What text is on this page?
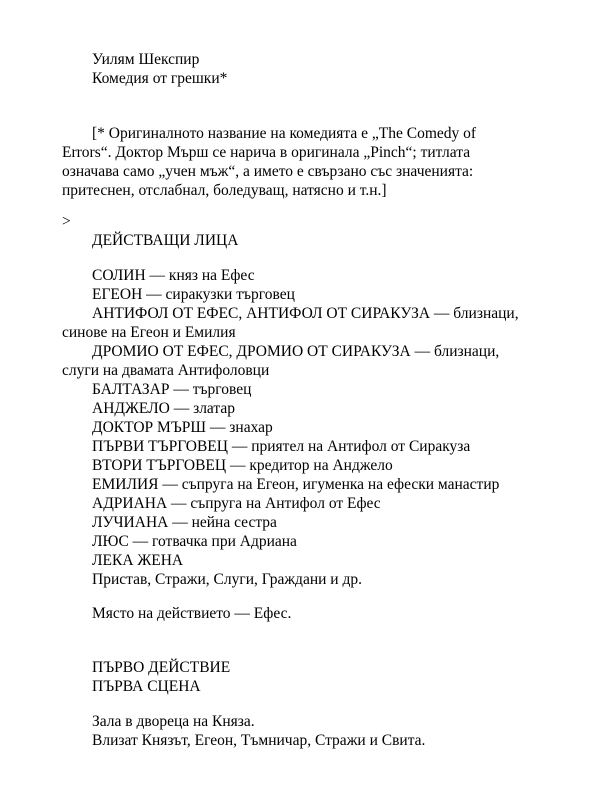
Уилям Шекспир

Комедия от грешки*

[* Оригиналното название на комедията е „The Comedy of

Errors“. Доктор Мърш се нарича в оригинала „Pinch“; титлата

означава само „учен мъж“, а името е свързано със значенията:

притеснен, отслабнал, боледуващ, натясно и т.н.]

>

ДЕЙСТВАЩИ ЛИЦА

СОЛИН — княз на Ефес

ЕГЕОН — сиракузки търговец

АНТИФОЛ ОТ ЕФЕС, АНТИФОЛ ОТ СИРАКУЗА — близнаци,

синове на Егеон и Емилия

ДРОМИО ОТ ЕФЕС, ДРОМИО ОТ СИРАКУЗА — близнаци,

слуги на двамата Антифоловци

БАЛТАЗАР — търговец

АНДЖЕЛО — златар

ДОКТОР МЪРШ — знахар

ПЪРВИ ТЪРГОВЕЦ — приятел на Антифол от Сиракуза

ВТОРИ ТЪРГОВЕЦ — кредитор на Анджело

ЕМИЛИЯ — съпруга на Егеон, игуменка на ефески манастир

АДРИАНА — съпруга на Антифол от Ефес

ЛУЧИАНА — нейна сестра

ЛЮС — готвачка при Адриана

ЛЕКА ЖЕНА

Пристав, Стражи, Слуги, Граждани и др.

Място на действието — Ефес.

ПЪРВО ДЕЙСТВИЕ

ПЪРВА СЦЕНА

Зала в двореца на Княза.

Влизат Князът, Егеон, Тъмничар, Стражи и Свита.
